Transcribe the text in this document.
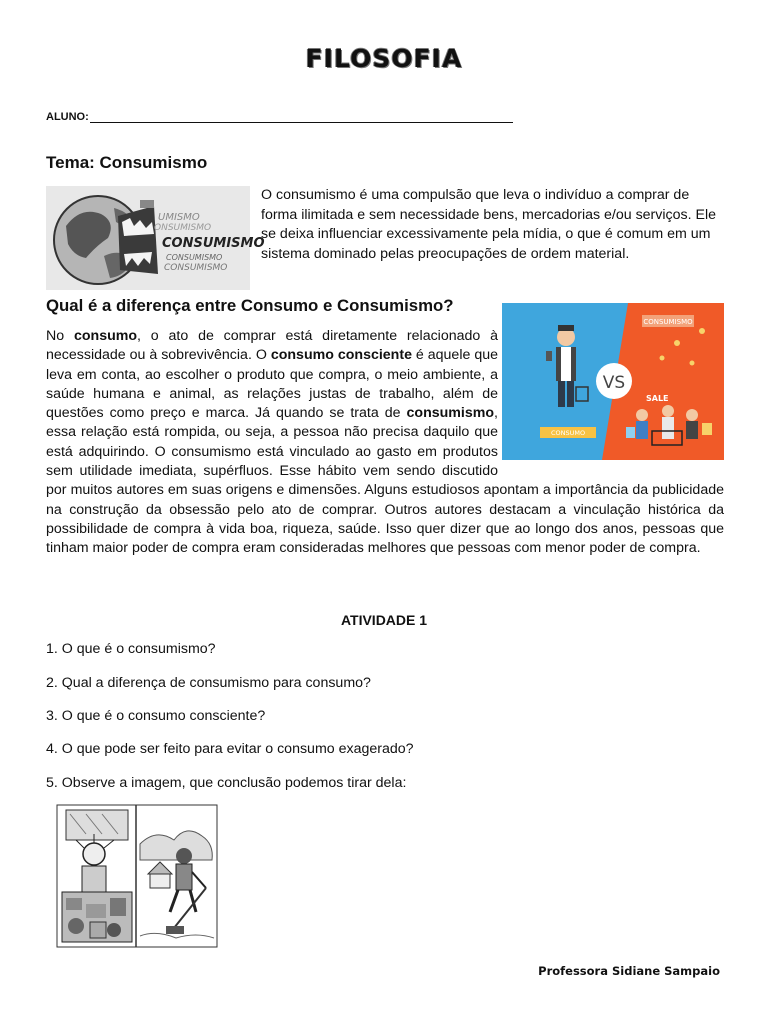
FILOSOFIA
ALUNO:
Tema: Consumismo
UMISMO
ONSUMISMO
CONSUMISMO
CONSUMISMO
CONSUMISMO
O consumismo é uma compulsão que leva o indivíduo a comprar de forma ilimitada e sem necessidade bens, mercadorias e/ou serviços. Ele se deixa influenciar excessivamente pela mídia, o que é comum em um sistema dominado pelas preocupações de ordem material.
Qual é a diferença entre Consumo e Consumismo?
CONSUMISMO
CONSUMO
VS
SALE
No consumo, o ato de comprar está diretamente relacionado à necessidade ou à sobrevivência. O consumo consciente é aquele que leva em conta, ao escolher o produto que compra, o meio ambiente, a saúde humana e animal, as relações justas de trabalho, além de questões como preço e marca. Já quando se trata de consumismo, essa relação está rompida, ou seja, a pessoa não precisa daquilo que está adquirindo. O consumismo está vinculado ao gasto em produtos sem utilidade imediata, supérfluos. Esse hábito vem sendo discutido por muitos autores em suas origens e dimensões. Alguns estudiosos apontam a importância da publicidade na construção da obsessão pelo ato de comprar. Outros autores destacam a vinculação histórica da possibilidade de compra à vida boa, riqueza, saúde. Isso quer dizer que ao longo dos anos, pessoas que tinham maior poder de compra eram consideradas melhores que pessoas com menor poder de compra.
ATIVIDADE 1
1. O que é o consumismo?
2. Qual a diferença de consumismo para consumo?
3. O que é o consumo consciente?
4. O que pode ser feito para evitar o consumo exagerado?
5. Observe a imagem, que conclusão podemos tirar dela:
Professora Sidiane Sampaio
